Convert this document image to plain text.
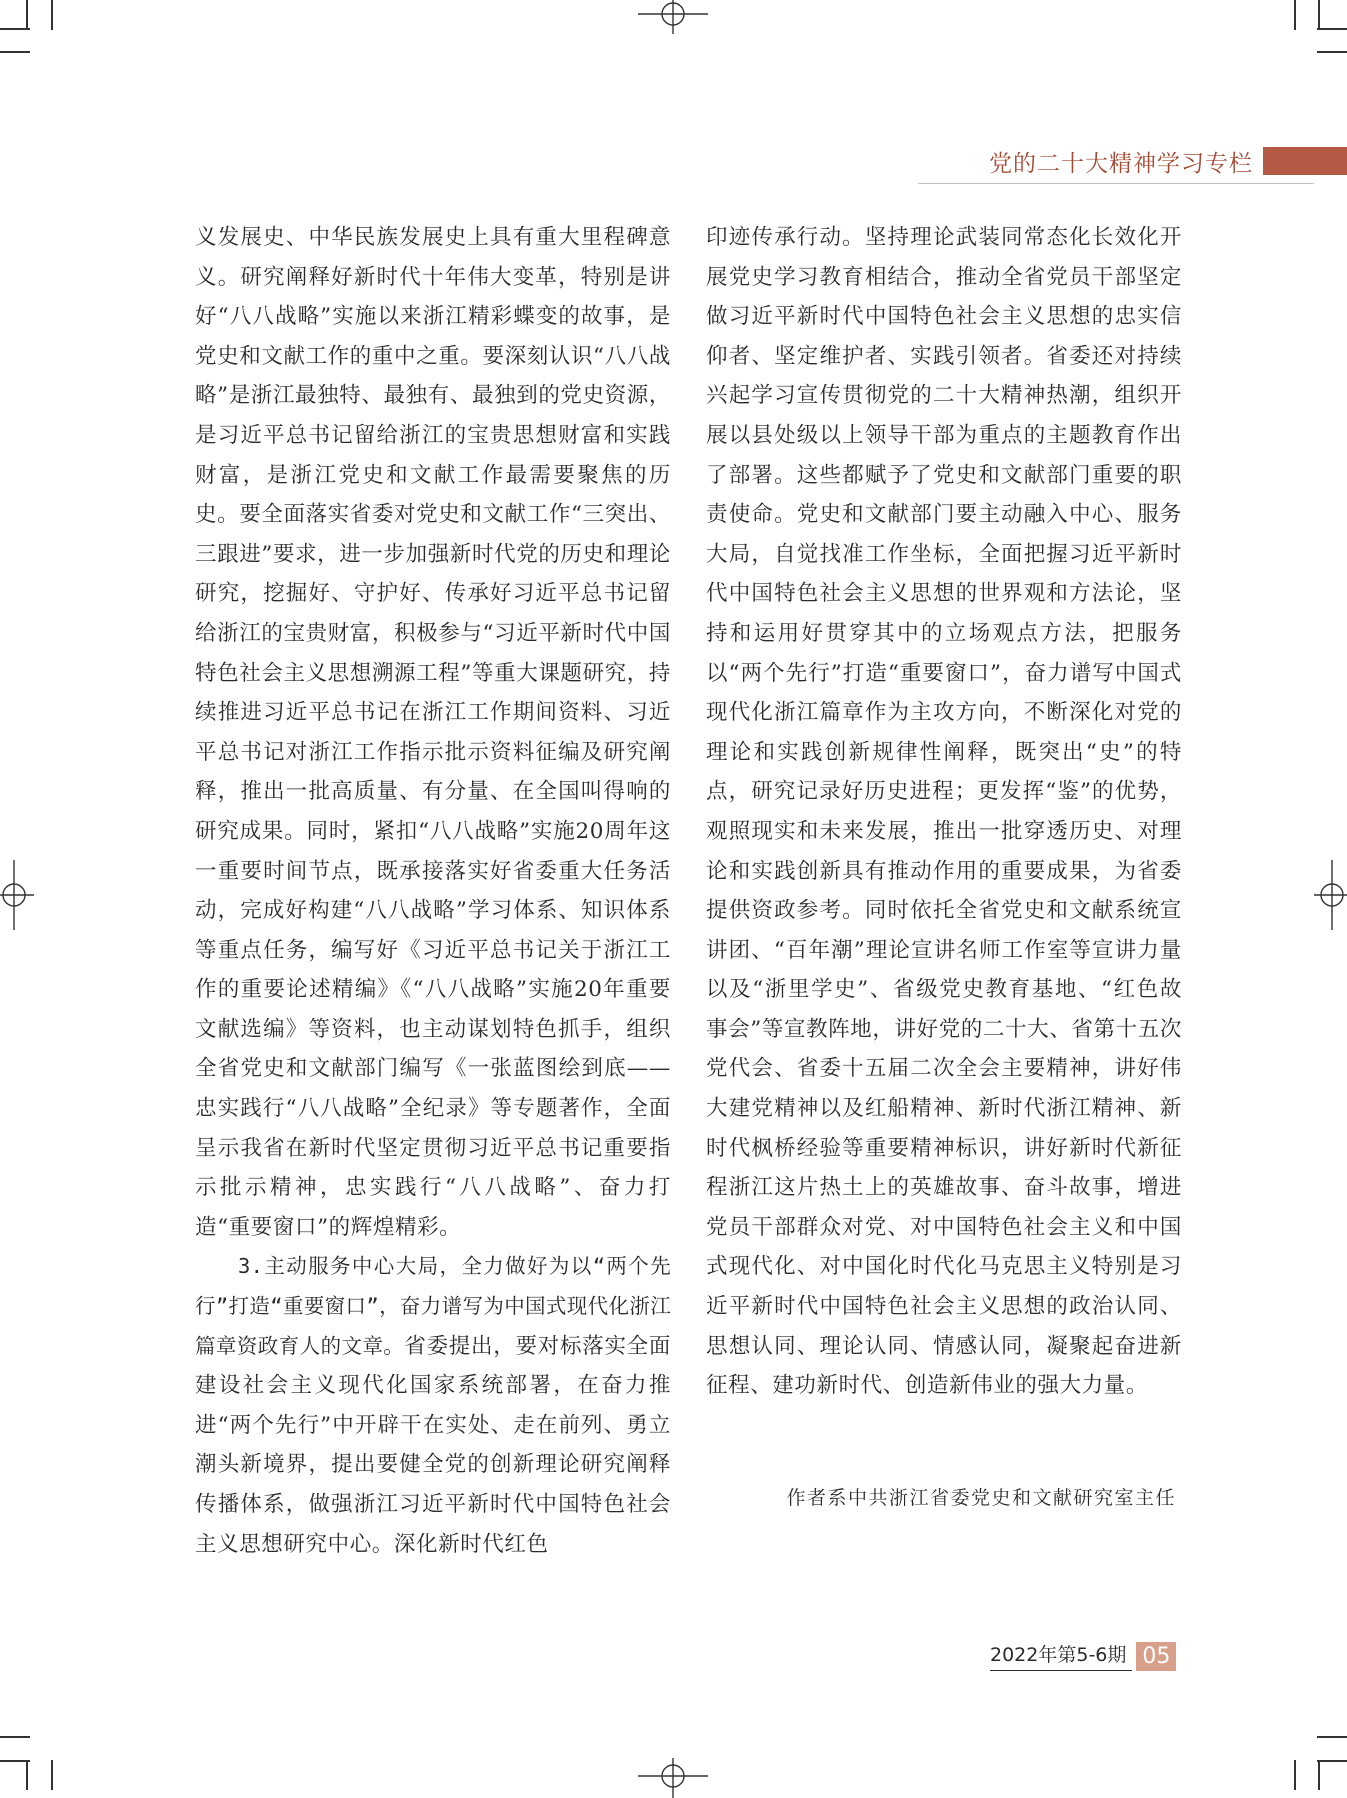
党的二十大精神学习专栏

义发展史、中华民族发展史上具有重大里程碑意义。研究阐释好新时代十年伟大变革，特别是讲好“八八战略”实施以来浙江精彩蝶变的故事，是党史和文献工作的重中之重。要深刻认识“八八战略”是浙江最独特、最独有、最独到的党史资源，是习近平总书记留给浙江的宝贵思想财富和实践财富，是浙江党史和文献工作最需要聚焦的历史。要全面落实省委对党史和文献工作“三突出、三跟进”要求，进一步加强新时代党的历史和理论研究，挖掘好、守护好、传承好习近平总书记留给浙江的宝贵财富，积极参与“习近平新时代中国特色社会主义思想溯源工程”等重大课题研究，持续推进习近平总书记在浙江工作期间资料、习近平总书记对浙江工作指示批示资料征编及研究阐释，推出一批高质量、有分量、在全国叫得响的研究成果。同时，紧扣“八八战略”实施20周年这一重要时间节点，既承接落实好省委重大任务活动，完成好构建“八八战略”学习体系、知识体系等重点任务，编写好《习近平总书记关于浙江工作的重要论述精编》《“八八战略”实施20年重要文献选编》等资料，也主动谋划特色抓手，组织全省党史和文献部门编写《一张蓝图绘到底——忠实践行“八八战略”全纪录》等专题著作，全面呈示我省在新时代坚定贯彻习近平总书记重要指示批示精神，忠实践行“八八战略”、奋力打造“重要窗口”的辉煌精彩。

3.主动服务中心大局，全力做好为以“两个先行”打造“重要窗口”，奋力谱写为中国式现代化浙江篇章资政育人的文章。省委提出，要对标落实全面建设社会主义现代化国家系统部署，在奋力推进“两个先行”中开辟干在实处、走在前列、勇立潮头新境界，提出要健全党的创新理论研究阐释传播体系，做强浙江习近平新时代中国特色社会主义思想研究中心。深化新时代红色

印迹传承行动。坚持理论武装同常态化长效化开展党史学习教育相结合，推动全省党员干部坚定做习近平新时代中国特色社会主义思想的忠实信仰者、坚定维护者、实践引领者。省委还对持续兴起学习宣传贯彻党的二十大精神热潮，组织开展以县处级以上领导干部为重点的主题教育作出了部署。这些都赋予了党史和文献部门重要的职责使命。党史和文献部门要主动融入中心、服务大局，自觉找准工作坐标，全面把握习近平新时代中国特色社会主义思想的世界观和方法论，坚持和运用好贯穿其中的立场观点方法，把服务以“两个先行”打造“重要窗口”，奋力谱写中国式现代化浙江篇章作为主攻方向，不断深化对党的理论和实践创新规律性阐释，既突出“史”的特点，研究记录好历史进程；更发挥“鉴”的优势，观照现实和未来发展，推出一批穿透历史、对理论和实践创新具有推动作用的重要成果，为省委提供资政参考。同时依托全省党史和文献系统宣讲团、“百年潮”理论宣讲名师工作室等宣讲力量以及“浙里学史”、省级党史教育基地、“红色故事会”等宣教阵地，讲好党的二十大、省第十五次党代会、省委十五届二次全会主要精神，讲好伟大建党精神以及红船精神、新时代浙江精神、新时代枫桥经验等重要精神标识，讲好新时代新征程浙江这片热土上的英雄故事、奋斗故事，增进党员干部群众对党、对中国特色社会主义和中国式现代化、对中国化时代化马克思主义特别是习近平新时代中国特色社会主义思想的政治认同、思想认同、理论认同、情感认同，凝聚起奋进新征程、建功新时代、创造新伟业的强大力量。

作者系中共浙江省委党史和文献研究室主任
2022年第5-6期 05
